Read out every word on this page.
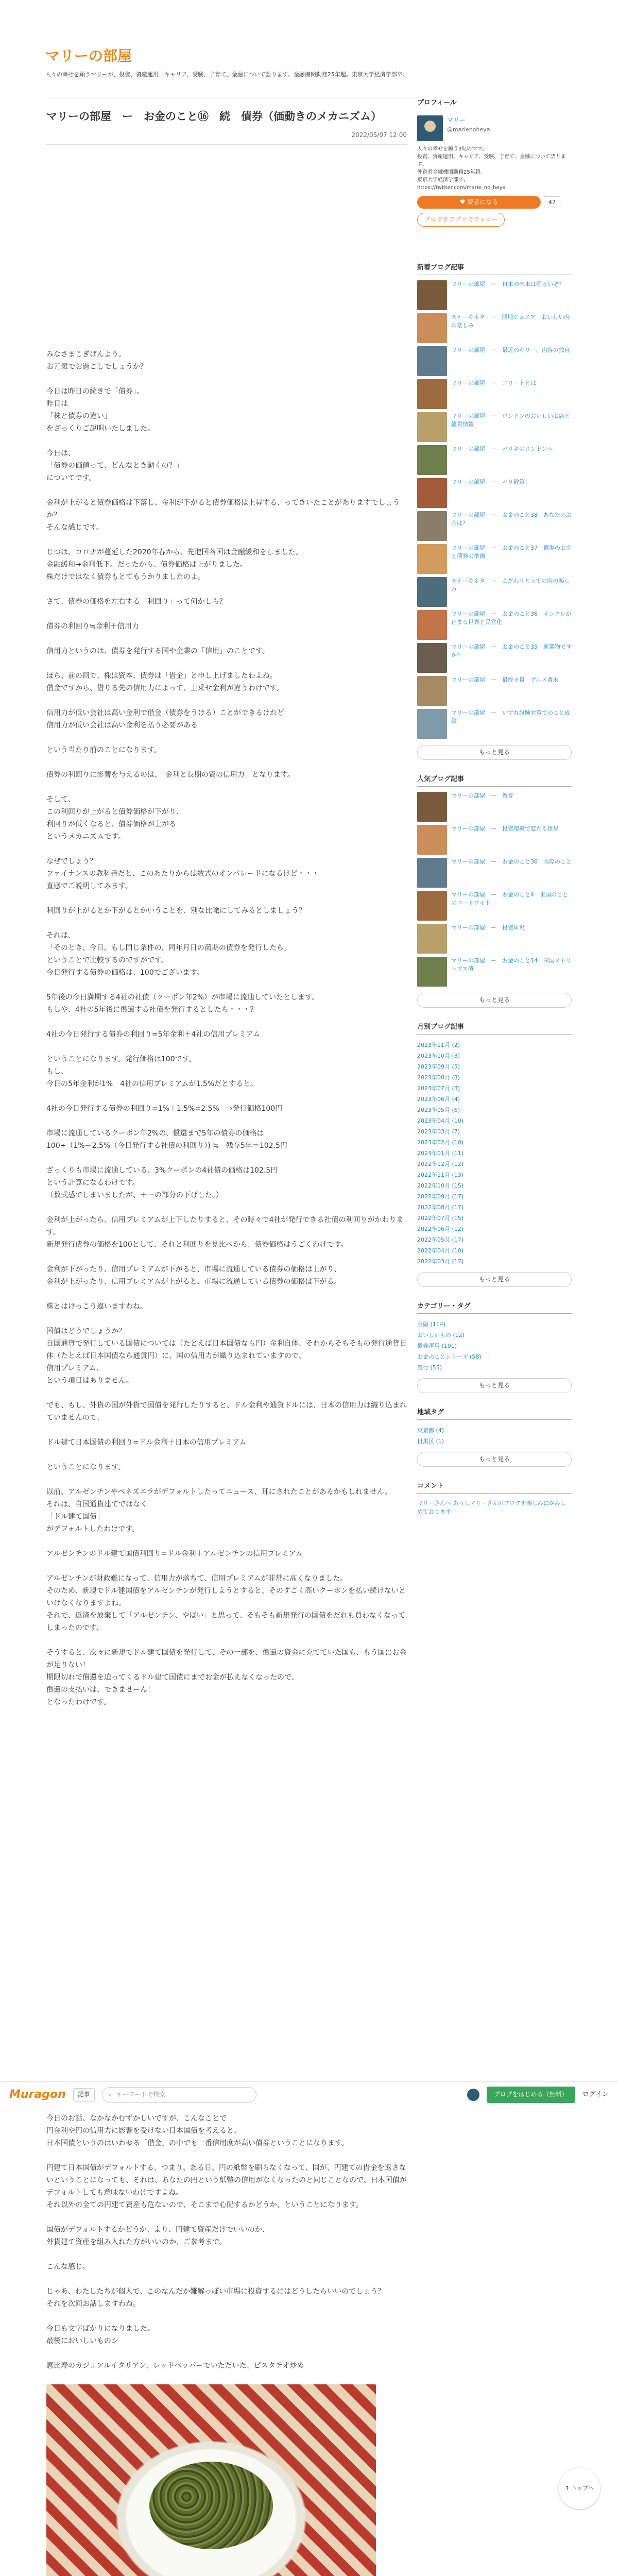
マリーの部屋
人々の幸せを願うマリーが、投資、資産運用、キャリア、受験、子育て、金融について語ります。金融機関勤務25年超。東京大学経済学部卒。
マリーの部屋　ー　お金のこと⑯　続　債券（価動きのメカニズム）
2022/05/07 12:00

みなさまこぎげんよう。
お元気でお過ごしでしょうか？

今日は昨日の続きで「債券」。
昨日は
「株と債券の違い」
をざっくりご説明いたしました。

今日は、
「債券の価値って、どんなとき動くの？」
についてです。

金利が上がると債券価格は下落し、金利が下がると債券価格は上昇する、ってきいたことがありますでしょうか？
そんな感じです。

じつは、コロナが蔓延した2020年春から、先進国各国は金融緩和をしました。
金融緩和→金利低下。だったから、債券価格は上がりました。
株だけではなく債券もとてもうかりましたのよ。

さて、債券の価格を左右する「利回り」って何かしら？

債券の利回り≒金利＋信用力

信用力というのは、債券を発行する国や企業の「信用」のことです。

ほら、前の回で、株は資本、債券は「借金」と申し上げましたわよね。
借金ですから、借りる先の信用力によって、上乗せ金利が違うわけです。

信用力が低い会社は高い金利で借金（債券をうける）ことができるけれど
信用力が低い会社は高い金利を払う必要がある

という当たり前のことになります。

債券の利回りに影響を与えるのは、「金利と長期の資の信用力」となります。

そして、
この利回りが上がると債券価格が下がり、
利回りが低くなると、債券価格が上がる
というメカニズムです。

なぜでしょう？
ファイナンスの教科書だと、このあたりからは数式のオンパレードになるけど・・・
直感でご説明してみます。

利回りが上がるとか下がるとかいうことを、別な比喩にしてみるとしましょう？

それは、
「そのとき、今日、もし同じ条件の、同年月日の満期の債券を発行したら」
ということで比較するのですがです。
今日発行する債券の価格は、100でございます。

5年後の今日満期する4社の社債（クーポン年2%）が市場に流通していたとします。
もしや、4社の5年後に償還する社債を発行するとしたら・・・？

4社の今日発行する債券の利回り=5年金利＋4社の信用プレミアム

ということになります。発行価格は100です。
もし、
今日の5年金利が1%　4社の信用プレミアムが1.5%だとすると。

4社の今日発行する債券の利回り=1%＋1.5%=2.5%　⇒発行価格100円

市場に流通しているクーポン年2%の、償還まで5年の債券の価格は
100÷（1%ー2.5%（今日発行する社債の利回り）) ≒　残存5年＝102.5円

ざっくりも市場に流通している、3%クーポンの4社債の価格は102.5円
という計算になるわけです。
（数式感でしまいましたが、＋ーの部分の下げした。）

金利が上がったら、信用プレミアムが上下したりすると、その時々で4社が発行できる社債の利回りがかわります。
新規発行債券の価格を100として、それと利回りを見比べから、債券価格はうごくわけです。

金利が下がったり、信用プレミアムが下がると、市場に流通している債券の価格は上がり、
金利が上がったり、信用プレミアムが上がると、市場に流通している債券の価格は下がる。

株とはけっこう違いますわね。

国債はどうでしょうか？
自国通貨で発行している国債については（たとえば日本国債なら円）金利自体、それからそもそもの発行通貨自体（たとえば日本国債なら通貨円）に、国の信用力が織り込まれていますので、
信用プレミアム、
という項目はありません。

でも、もし、外貨の国が外貨で国債を発行したりすると、ドル金利や通貨ドルには、日本の信用力は織り込まれていませんので、

ドル建て日本国債の利回り=ドル金利＋日本の信用プレミアム

ということになります。

以前、アルゼンチンやベネズエラがデフォルトしたってニュース、耳にされたことがあるかもしれません。
それは、自国通貨建てではなく
「ドル建て国債」
がデフォルトしたわけです。

アルゼンチンのドル建て国債利回り=ドル金利＋アルゼンチンの信用プレミアム

アルゼンチンが財政難になって、信用力が落ちて、信用プレミアムが非常に高くなりました。
そのため、新規でドル建国債をアルゼンチンが発行しようとすると、そのすごく高いクーポンを払い続けないといけなくなりますよね。
それで、返済を放棄して「アルゼンチン、やばい」と思って、そもそも新規発行の国債をだれも買わなくなってしまったのです。

そうすると、次々に新規でドル建て国債を発行して、その一部を、償還の資金に充てていた国も、もう国にお金が足りない！
期限切れで償還を迫ってくるドル建て国債にまでお金が払えなくなったので、
償還の支払いは、できませーん！
となったわけです。

プロフィール
マリー
@marienoheya
人々の幸せを願う3児のママ。
投資、資産運用、キャリア、受験、子育て、金融について語ります。
外資系金融機関勤務25年超。
東京大学経済学部卒。
https://twitter.com/marie_no_heya
♥ 読者になる	47
ブログをアプリでフォロー
新着ブログ記事
マリーの部屋　ー　日本の未来は明るいぞ？
ステーキネタ　ー　団地ジュエア　おいしい肉の楽しみ
マリーの部屋　ー　最近のギリー、内容の独自
マリーの部屋　ー　エリートとは
マリーの部屋　ー　ロンドンのおいしいお店と雑貨情報
マリーの部屋　ー　バリキのロンドンへ
マリーの部屋　ー　パリ散策！
マリーの部屋　ー　お金のこと38　あなたのお金は？
マリーの部屋　ー　お金のこと37　債券のお金と債券の準備
ステーキネタ　ー　こだわりとっての肉の楽しみ
マリーの部屋　ー　お金のこと36　インフレが止まる世界と民営化
マリーの部屋　ー　お金のこと35　新選物ですか？
マリーの部屋　ー　最終々量　グルメ週末
マリーの部屋　ー　いずれ試験対策でのこと成績
もっと見る
人気ブログ記事
マリーの部屋　ー　教育
マリーの部屋　ー　投資環境で変わる世界
マリーの部屋　ー　お金のこと36　水際のこと
マリーの部屋　ー　お金のこと4　米国のことのコートワイト
マリーの部屋　ー　投資研究
マリーの部屋　ー　お金のこと14　米国ストリップス債
もっと見る
月別ブログ記事
2023年11月 (2)
2023年10月 (3)
2023年09月 (5)
2023年08月 (3)
2023年07月 (3)
2023年06月 (4)
2023年05月 (6)
2023年04月 (10)
2023年03月 (7)
2023年02月 (10)
2023年01月 (11)
2022年12月 (12)
2022年11月 (13)
2022年10月 (15)
2022年09月 (17)
2022年08月 (17)
2022年07月 (15)
2022年06月 (12)
2022年05月 (17)
2022年04月 (10)
2022年03月 (17)
もっと見る
カテゴリー・タグ
金融 (114)
おいしいもの (12)
債券運用 (101)
お金のことシリーズ (58)
旅行 (55)
もっと見る
地域タグ
東京都 (4)
目黒区 (1)
もっと見る
コメント
マリーさんへ あっしマリーさんのブログを楽しみにかみしめております
Muragon	記事	⌕ キーワードで検索	プロブをはじめる（無料）	ログイン

今日のお話、なかなかむずかしいですが、こんなことで
円金利や円の信用力に影響を受けない日本国債を考えると、
日本国債というのはいわゆる「借金」の中でも一番信用度が高い債券ということになります。

円建て日本国債がデフォルトする、つまり、ある日、円の紙幣を刷らなくなって、国が、円建ての借金を返さないということになっても、それは、あなたの円という紙幣の信用がなくなったのと同じことなので、日本国債がデフォルトしても意味ないわけですよね。
それ以外の全ての円建て資産も危ないので、そこまで心配するかどうか、ということになります。

国債がデフォルトするかどうか、より、円建て資産だけでいいのか、
外貨建て資産を組み入れた方がいいのか、ご参考まで。

こんな感じ。

じゃあ、わたしたちが個人で、このなんだか難解っぽい市場に投資するにはどうしたらいいのでしょう？
それを次回お話しますわね。

今日も文字ばかりになりました。
最後においしいものシ

恵比寿のカジュアルイタリアン、レッドペッパーでいただいた、ピスタチオ炒め

↑ トップへ
